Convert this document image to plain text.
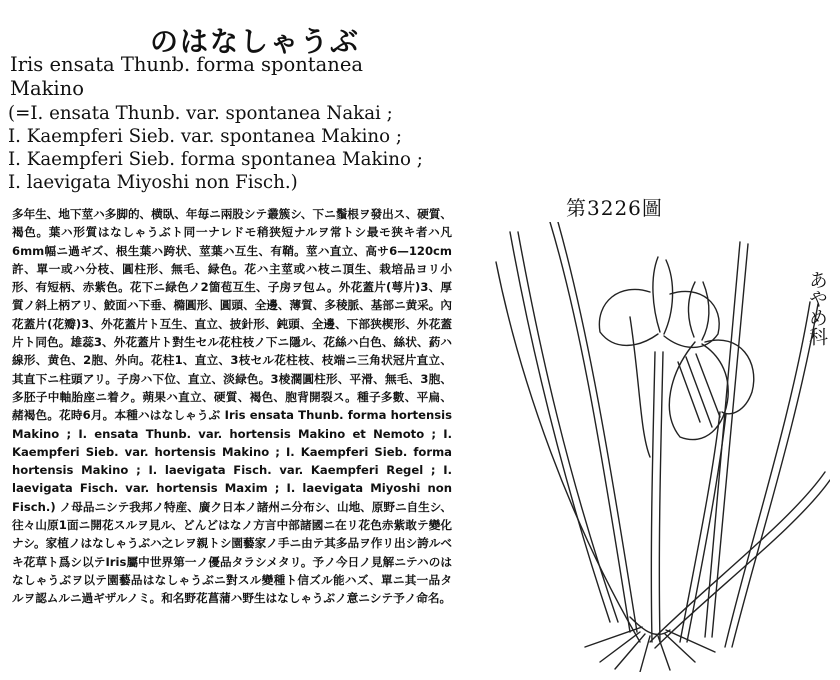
のはなしゃうぶ
Iris ensata Thunb. forma spontanea
Makino
(=I. ensata Thunb. var. spontanea Nakai ;
I. Kaempferi Sieb. var. spontanea Makino ;
I. Kaempferi Sieb. forma spontanea Makino ;
I. laevigata Miyoshi non Fisch.)

多年生、地下莖ハ多脚的、横臥、年毎ニ兩股シテ叢簇シ、下ニ鬚根ヲ發出ス、硬質、褐色。葉ハ形質はなしゃうぶト同一ナレドモ稍狭短ナルヲ常トシ最モ狭キ者ハ凡6mm幅ニ過ギズ、根生葉ハ跨状、莖葉ハ互生、有鞘。莖ハ直立、高サ6—120cm許、單一或ハ分枝、圓柱形、無毛、緑色。花ハ主莖或ハ枝ニ頂生、栽培品ヨリ小形、有短柄、赤紫色。花下ニ緑色ノ2箇苞互生、子房ヲ包ム。外花蓋片(萼片)3、厚質ノ斜上柄アリ、鮫面ハ下垂、橢圓形、圓頭、全邊、薄質、多稜脈、基部ニ黄采。內花蓋片(花瓣)3、外花蓋片ト互生、直立、披針形、鈍頭、全邊、下部狭楔形、外花蓋片ト同色。雄蕊3、外花蓋片ト對生セル花柱枝ノ下ニ隱ル、花絲ハ白色、絲状、葯ハ線形、黄色、2胞、外向。花柱1、直立、3枝セル花柱枝、枝端ニ三角状冠片直立、其直下ニ柱頭アリ。子房ハ下位、直立、淡緑色。3棱濶圓柱形、平滑、無毛、3胞、多胚子中軸胎座ニ着ク。蒴果ハ直立、硬質、褐色、胞背開裂ス。種子多數、平扁、赭褐色。花時6月。本種ハはなしゃうぶ Iris ensata Thunb. forma hortensis Makino ; I. ensata Thunb. var. hortensis Makino et Nemoto ; I. Kaempferi Sieb. var. hortensis Makino ; I. Kaempferi Sieb. forma hortensis Makino ; I. laevigata Fisch. var. Kaempferi Regel ; I. laevigata Fisch. var. hortensis Maxim ; I. laevigata Miyoshi non Fisch.) ノ母品ニシテ我邦ノ特産、廣ク日本ノ諸州ニ分布シ、山地、原野ニ自生シ、往々山原1面ニ開花スルヲ見ル、どんどはなノ方言中部諸國ニ在リ花色赤紫敢テ變化ナシ。家植ノはなしゃうぶハ之レヲ親トシ園藝家ノ手ニ由テ其多品ヲ作リ出シ誇ルベキ花草ト爲シ以テIris屬中世界第一ノ優品タラシメタリ。予ノ今日ノ見解ニテハのはなしゃうぶヲ以テ園藝品はなしゃうぶニ對スル變種ト信ズル能ハズ、單ニ其一品タルヲ認ムルニ過ギザルノミ。和名野花菖蒲ハ野生はなしゃうぶノ意ニシテ予ノ命名。

第3226圖
あやめ科
